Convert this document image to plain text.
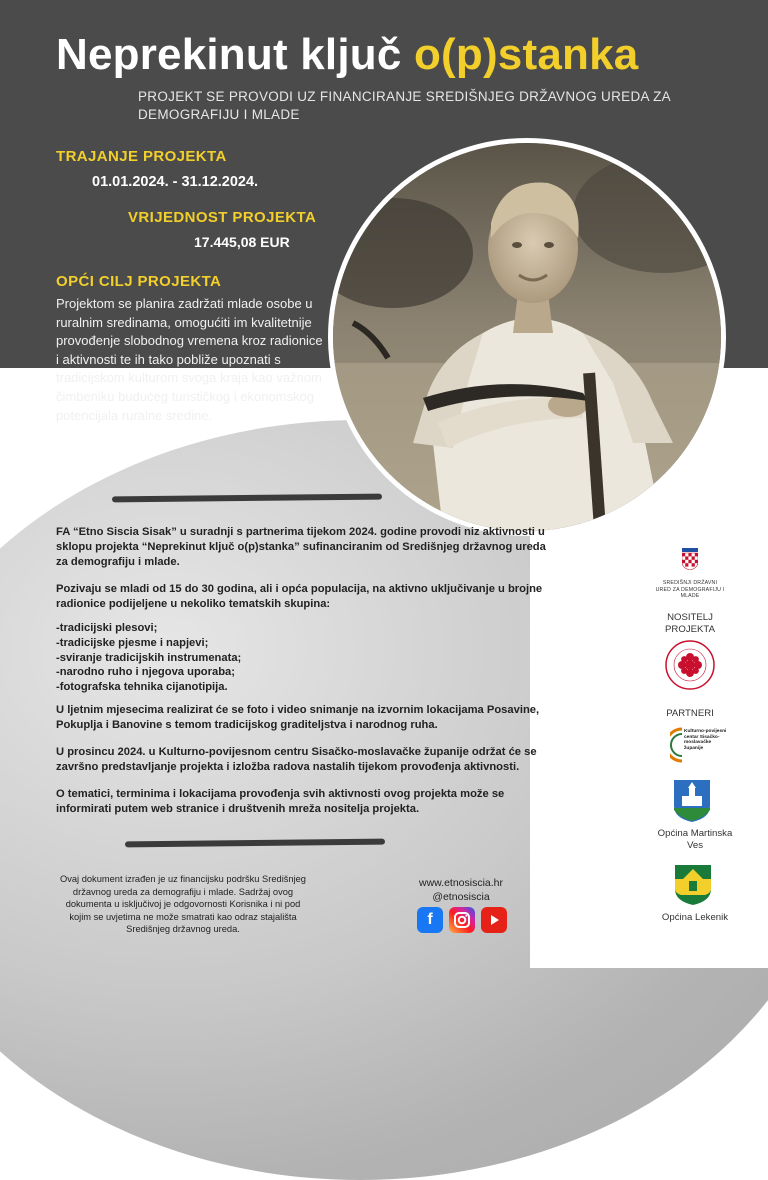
Neprekinut ključ o(p)stanka
PROJEKT SE PROVODI UZ FINANCIRANJE SREDIŠNJEG DRŽAVNOG UREDA ZA DEMOGRAFIJU I MLADE
TRAJANJE PROJEKTA
01.01.2024. - 31.12.2024.
VRIJEDNOST PROJEKTA
17.445,08 EUR
OPĆI CILJ PROJEKTA
Projektom se planira zadržati mlade osobe u ruralnim sredinama, omogućiti im kvalitetnije provođenje slobodnog vremena kroz radionice i aktivnosti te ih tako pobliže upoznati s tradicijskom kulturom svoga kraja kao važnom čimbeniku budućeg turističkog i ekonomskog potencijala ruralne sredine.
FA “Etno Siscia Sisak” u suradnji s partnerima tijekom 2024. godine provodi niz aktivnosti u sklopu projekta “Neprekinut ključ o(p)stanka” sufinanciranim od Središnjeg državnog ureda za demografiju i mlade.
Pozivaju se mladi od 15 do 30 godina, ali i opća populacija, na aktivno uključivanje u brojne radionice podijeljene u nekoliko tematskih skupina:
-tradicijski plesovi;
-tradicijske pjesme i napjevi;
-sviranje tradicijskih instrumenata;
-narodno ruho i njegova uporaba;
-fotografska tehnika cijanotipija.
U ljetnim mjesecima realizirat će se foto i video snimanje na izvornim lokacijama Posavine, Pokuplja i Banovine s temom tradicijskog graditeljstva i narodnog ruha.
U prosincu 2024. u Kulturno-povijesnom centru Sisačko-moslavačke županije održat će se završno predstavljanje projekta i izložba radova nastalih tijekom provođenja aktivnosti.
O tematici, terminima i lokacijama provođenja svih aktivnosti ovog projekta može se informirati putem web stranice i društvenih mreža nositelja projekta.
Ovaj dokument izrađen je uz financijsku podršku Središnjeg državnog ureda za demografiju i mlade. Sadržaj ovog dokumenta u isključivoj je odgovornosti Korisnika i ni pod kojim se uvjetima ne može smatrati kao odraz stajališta Središnjeg državnog ureda.
www.etnosiscia.hr
@etnosiscia
f
SREDIŠNJI DRŽAVNI URED ZA DEMOGRAFIJU I MLADE
NOSITELJ PROJEKTA
PARTNERI
Kulturno-povijesni centar Sisačko-moslavačke županije
Općina Martinska Ves
Općina Lekenik
